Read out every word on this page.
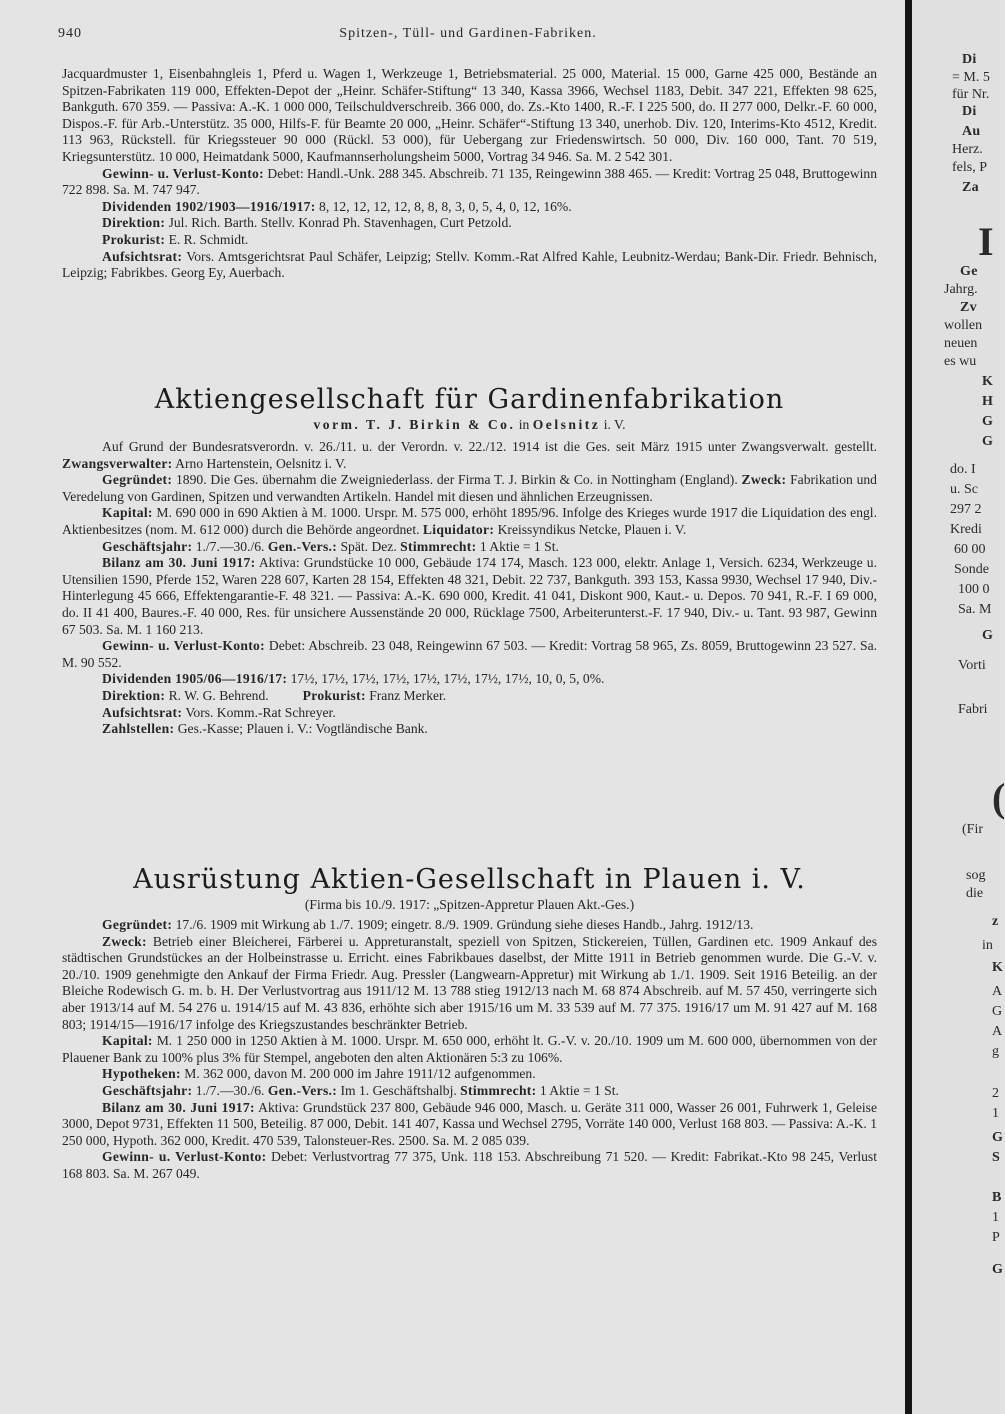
940	Spitzen-, Tüll- und Gardinen-Fabriken.

Jacquardmuster 1, Eisenbahngleis 1, Pferd u. Wagen 1, Werkzeuge 1, Betriebsmaterial. 25 000, Material. 15 000, Garne 425 000, Bestände an Spitzen-Fabrikaten 119 000, Effekten-Depot der „Heinr. Schäfer-Stiftung“ 13 340, Kassa 3966, Wechsel 1183, Debit. 347 221, Effekten 98 625, Bankguth. 670 359. — Passiva: A.-K. 1 000 000, Teilschuldverschreib. 366 000, do. Zs.-Kto 1400, R.-F. I 225 500, do. II 277 000, Delkr.-F. 60 000, Dispos.-F. für Arb.-Unterstütz. 35 000, Hilfs-F. für Beamte 20 000, „Heinr. Schäfer“-Stiftung 13 340, unerhob. Div. 120, Interims-Kto 4512, Kredit. 113 963, Rückstell. für Kriegssteuer 90 000 (Rückl. 53 000), für Uebergang zur Friedenswirtsch. 50 000, Div. 160 000, Tant. 70 519, Kriegsunterstütz. 10 000, Heimatdank 5000, Kaufmannserholungsheim 5000, Vortrag 34 946. Sa. M. 2 542 301.

Gewinn- u. Verlust-Konto: Debet: Handl.-Unk. 288 345. Abschreib. 71 135, Reingewinn 388 465. — Kredit: Vortrag 25 048, Bruttogewinn 722 898. Sa. M. 747 947.

Dividenden 1902/1903—1916/1917: 8, 12, 12, 12, 12, 8, 8, 8, 3, 0, 5, 4, 0, 12, 16%.

Direktion: Jul. Rich. Barth. Stellv. Konrad Ph. Stavenhagen, Curt Petzold.

Prokurist: E. R. Schmidt.

Aufsichtsrat: Vors. Amtsgerichtsrat Paul Schäfer, Leipzig; Stellv. Komm.-Rat Alfred Kahle, Leubnitz-Werdau; Bank-Dir. Friedr. Behnisch, Leipzig; Fabrikbes. Georg Ey, Auerbach.

Aktiengesellschaft für Gardinenfabrikation
vorm. T. J. Birkin & Co. in Oelsnitz i. V.

Auf Grund der Bundesratsverordn. v. 26./11. u. der Verordn. v. 22./12. 1914 ist die Ges. seit März 1915 unter Zwangsverwalt. gestellt. Zwangsverwalter: Arno Hartenstein, Oelsnitz i. V.

Gegründet: 1890. Die Ges. übernahm die Zweigniederlass. der Firma T. J. Birkin & Co. in Nottingham (England). Zweck: Fabrikation und Veredelung von Gardinen, Spitzen und verwandten Artikeln. Handel mit diesen und ähnlichen Erzeugnissen.

Kapital: M. 690 000 in 690 Aktien à M. 1000. Urspr. M. 575 000, erhöht 1895/96. Infolge des Krieges wurde 1917 die Liquidation des engl. Aktienbesitzes (nom. M. 612 000) durch die Behörde angeordnet. Liquidator: Kreissyndikus Netcke, Plauen i. V.

Geschäftsjahr: 1./7.—30./6. Gen.-Vers.: Spät. Dez. Stimmrecht: 1 Aktie = 1 St.

Bilanz am 30. Juni 1917: Aktiva: Grundstücke 10 000, Gebäude 174 174, Masch. 123 000, elektr. Anlage 1, Versich. 6234, Werkzeuge u. Utensilien 1590, Pferde 152, Waren 228 607, Karten 28 154, Effekten 48 321, Debit. 22 737, Bankguth. 393 153, Kassa 9930, Wechsel 17 940, Div.-Hinterlegung 45 666, Effektengarantie-F. 48 321. — Passiva: A.-K. 690 000, Kredit. 41 041, Diskont 900, Kaut.- u. Depos. 70 941, R.-F. I 69 000, do. II 41 400, Baures.-F. 40 000, Res. für unsichere Aussenstände 20 000, Rücklage 7500, Arbeiterunterst.-F. 17 940, Div.- u. Tant. 93 987, Gewinn 67 503. Sa. M. 1 160 213.

Gewinn- u. Verlust-Konto: Debet: Abschreib. 23 048, Reingewinn 67 503. — Kredit: Vortrag 58 965, Zs. 8059, Bruttogewinn 23 527. Sa. M. 90 552.

Dividenden 1905/06—1916/17: 17½, 17½, 17½, 17½, 17½, 17½, 17½, 17½, 10, 0, 5, 0%.

Direktion: R. W. G. Behrend. Prokurist: Franz Merker.

Aufsichtsrat: Vors. Komm.-Rat Schreyer.

Zahlstellen: Ges.-Kasse; Plauen i. V.: Vogtländische Bank.

Ausrüstung Aktien-Gesellschaft in Plauen i. V.
(Firma bis 10./9. 1917: „Spitzen-Appretur Plauen Akt.-Ges.)

Gegründet: 17./6. 1909 mit Wirkung ab 1./7. 1909; eingetr. 8./9. 1909. Gründung siehe dieses Handb., Jahrg. 1912/13.

Zweck: Betrieb einer Bleicherei, Färberei u. Appreturanstalt, speziell von Spitzen, Stickereien, Tüllen, Gardinen etc. 1909 Ankauf des städtischen Grundstückes an der Holbeinstrasse u. Erricht. eines Fabrikbaues daselbst, der Mitte 1911 in Betrieb genommen wurde. Die G.-V. v. 20./10. 1909 genehmigte den Ankauf der Firma Friedr. Aug. Pressler (Langwearn-Appretur) mit Wirkung ab 1./1. 1909. Seit 1916 Beteilig. an der Bleiche Rodewisch G. m. b. H. Der Verlustvortrag aus 1911/12 M. 13 788 stieg 1912/13 nach M. 68 874 Abschreib. auf M. 57 450, verringerte sich aber 1913/14 auf M. 54 276 u. 1914/15 auf M. 43 836, erhöhte sich aber 1915/16 um M. 33 539 auf M. 77 375. 1916/17 um M. 91 427 auf M. 168 803; 1914/15—1916/17 infolge des Kriegszustandes beschränkter Betrieb.

Kapital: M. 1 250 000 in 1250 Aktien à M. 1000. Urspr. M. 650 000, erhöht lt. G.-V. v. 20./10. 1909 um M. 600 000, übernommen von der Plauener Bank zu 100% plus 3% für Stempel, angeboten den alten Aktionären 5:3 zu 106%.

Hypotheken: M. 362 000, davon M. 200 000 im Jahre 1911/12 aufgenommen.

Geschäftsjahr: 1./7.—30./6. Gen.-Vers.: Im 1. Geschäftshalbj. Stimmrecht: 1 Aktie = 1 St.

Bilanz am 30. Juni 1917: Aktiva: Grundstück 237 800, Gebäude 946 000, Masch. u. Geräte 311 000, Wasser 26 001, Fuhrwerk 1, Geleise 3000, Depot 9731, Effekten 11 500, Beteilig. 87 000, Debit. 141 407, Kassa und Wechsel 2795, Vorräte 140 000, Verlust 168 803. — Passiva: A.-K. 1 250 000, Hypoth. 362 000, Kredit. 470 539, Talonsteuer-Res. 2500. Sa. M. 2 085 039.

Gewinn- u. Verlust-Konto: Debet: Verlustvortrag 77 375, Unk. 118 153. Abschreibung 71 520. — Kredit: Fabrikat.-Kto 98 245, Verlust 168 803. Sa. M. 267 049.

Di
= M. 5
für Nr.
Di
Au
Herz.
fels, P
Za
I
Ge
Jahrg.
Zv
wollen
neuen
es wu
K
H
G
G
do. I
u. Sc
297 2
Kredi
60 00
Sonde
100 0
Sa. M
G
Vorti
Fabri
(
(Fir
sog
die
z
in
K
A
G
A
g
2
1
G
S
B
1
P
G
